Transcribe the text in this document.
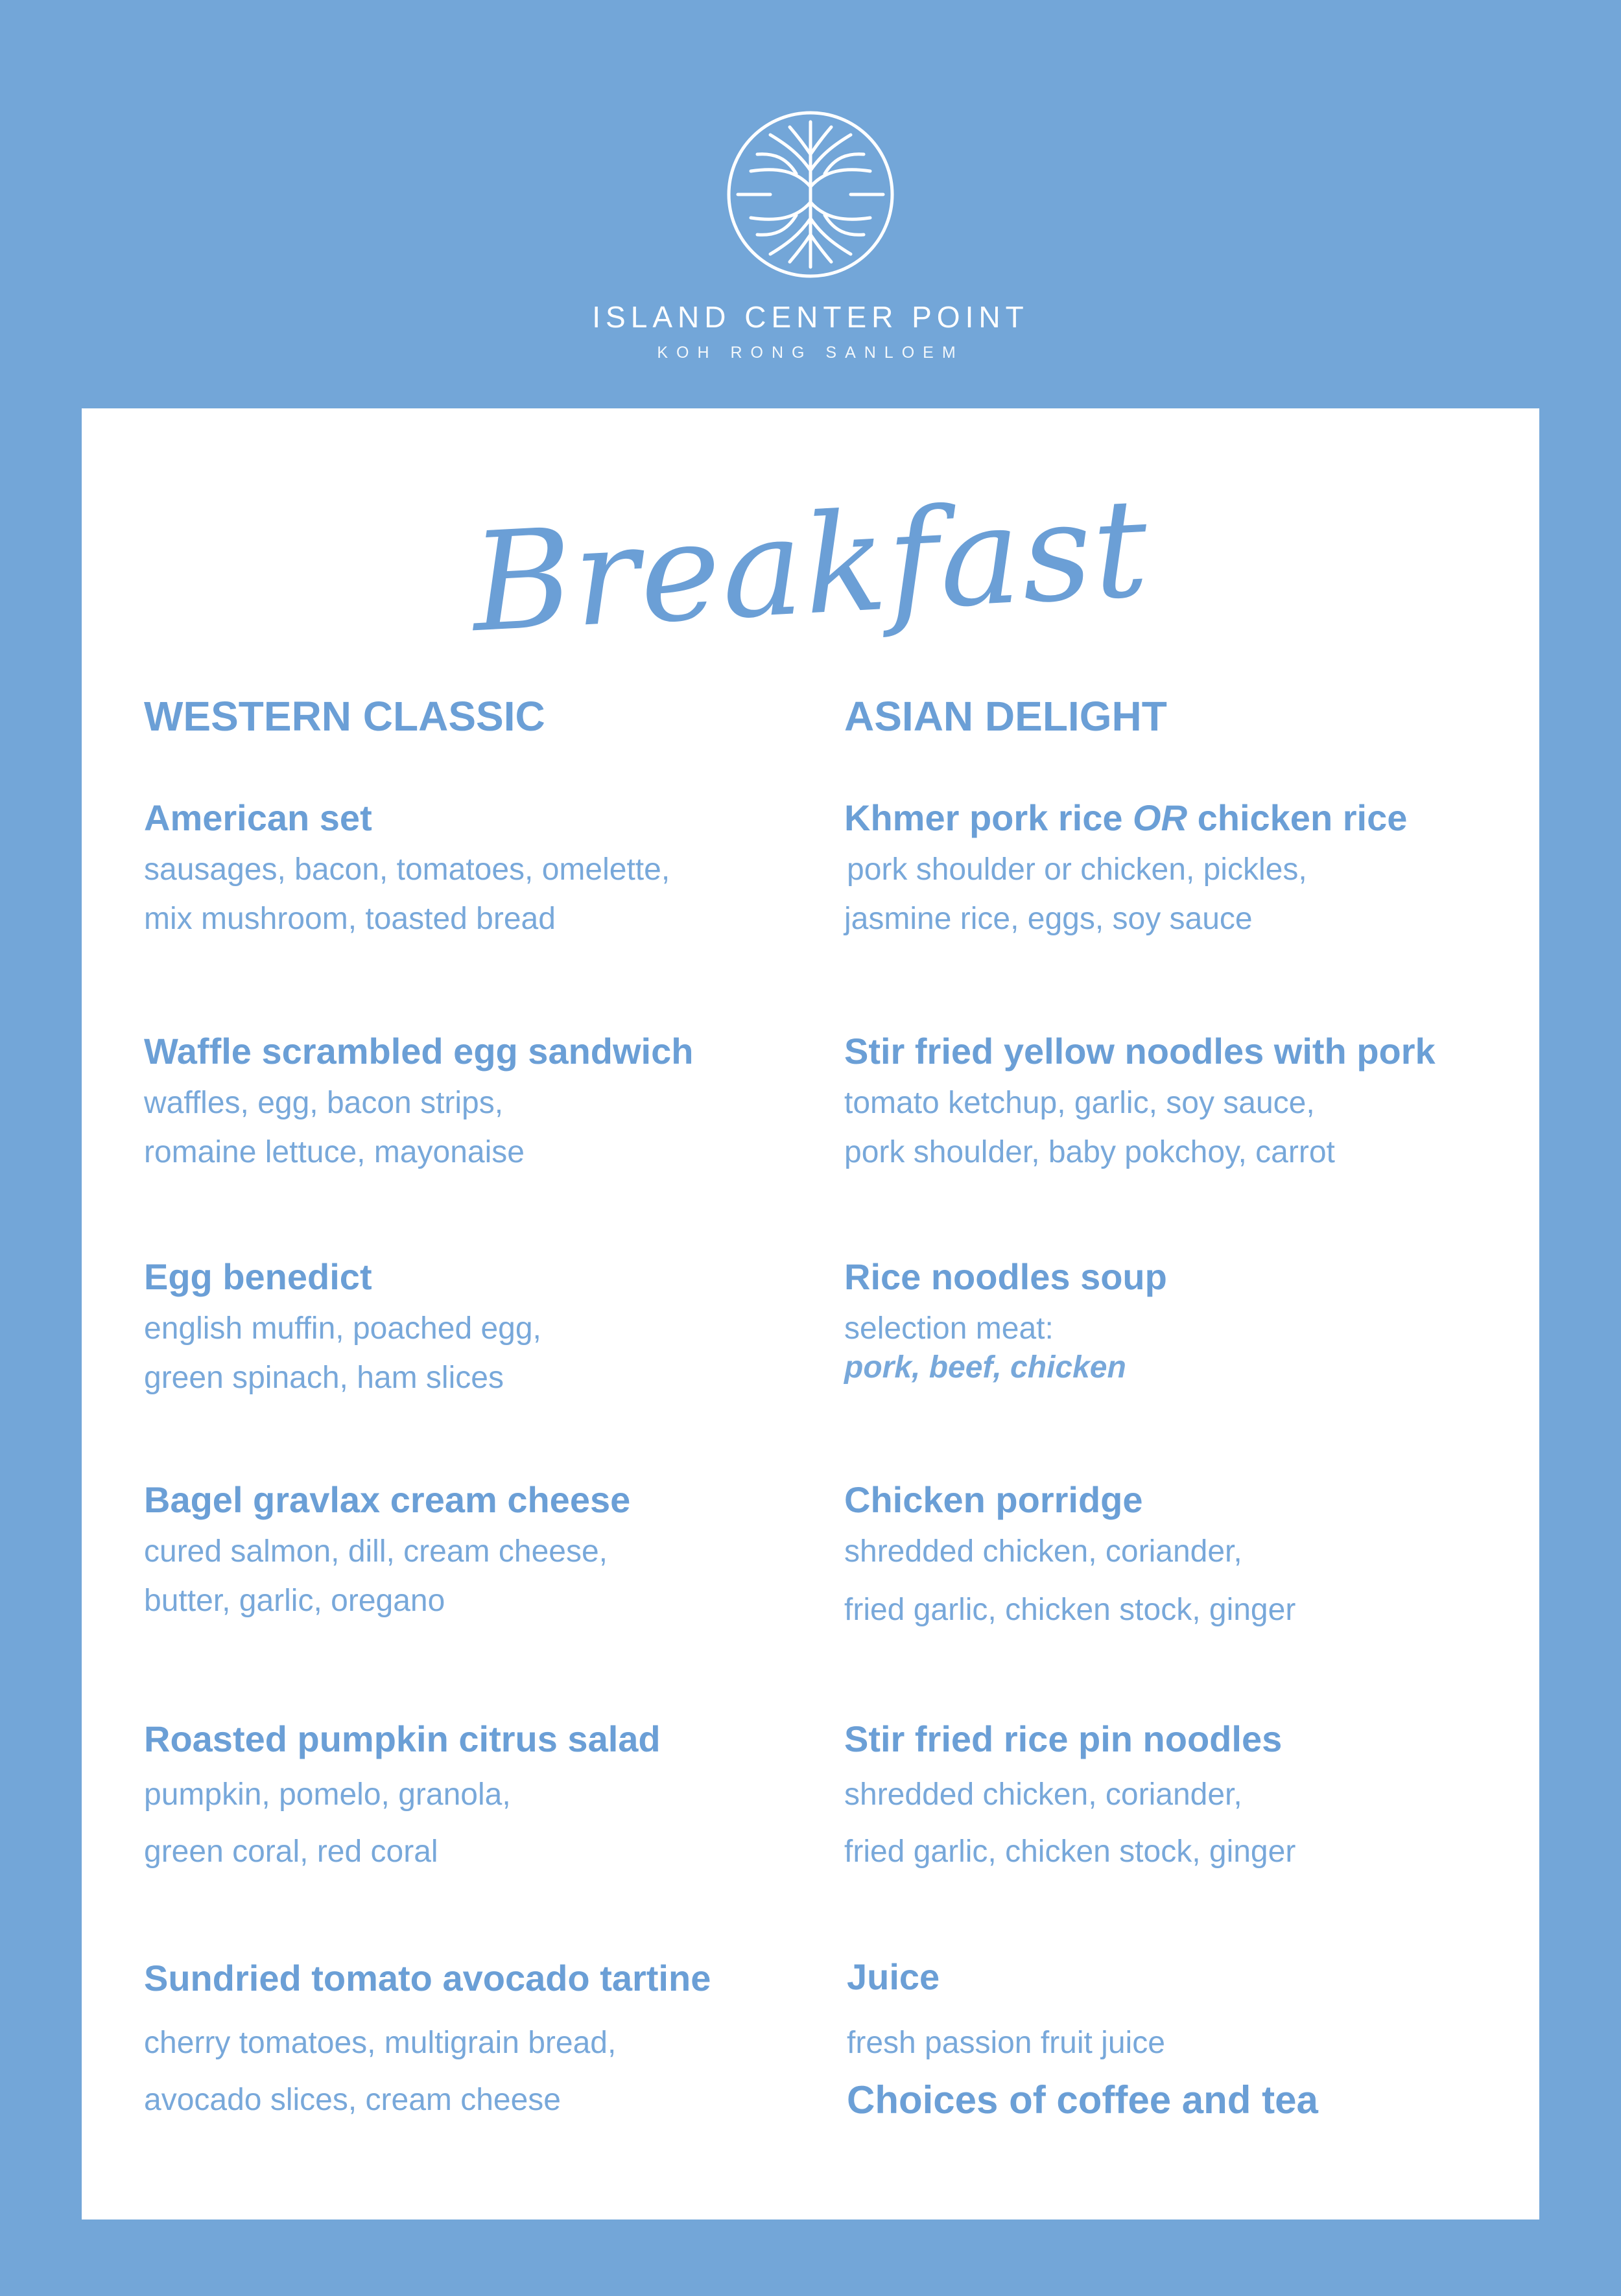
ISLAND CENTER POINT
KOH RONG SANLOEM
Breakfast
WESTERN CLASSIC
American set
sausages, bacon, tomatoes, omelette,
mix mushroom, toasted bread
Waffle scrambled egg sandwich
waffles, egg, bacon strips,
romaine lettuce, mayonaise
Egg benedict
english muffin, poached egg,
green spinach, ham slices
Bagel gravlax cream cheese
cured salmon, dill, cream cheese,
butter, garlic, oregano
Roasted pumpkin citrus salad
pumpkin, pomelo, granola,
green coral, red coral
Sundried tomato avocado tartine
cherry tomatoes, multigrain bread,
avocado slices, cream cheese
ASIAN DELIGHT
Khmer pork rice OR chicken rice
pork shoulder or chicken, pickles,
jasmine rice, eggs, soy sauce
Stir fried yellow noodles with pork
tomato ketchup, garlic, soy sauce,
pork shoulder, baby pokchoy, carrot
Rice noodles soup
selection meat:
pork, beef, chicken
Chicken porridge
shredded chicken, coriander,
fried garlic, chicken stock, ginger
Stir fried rice pin noodles
shredded chicken, coriander,
fried garlic, chicken stock, ginger
Juice
fresh passion fruit juice
Choices of coffee and tea
